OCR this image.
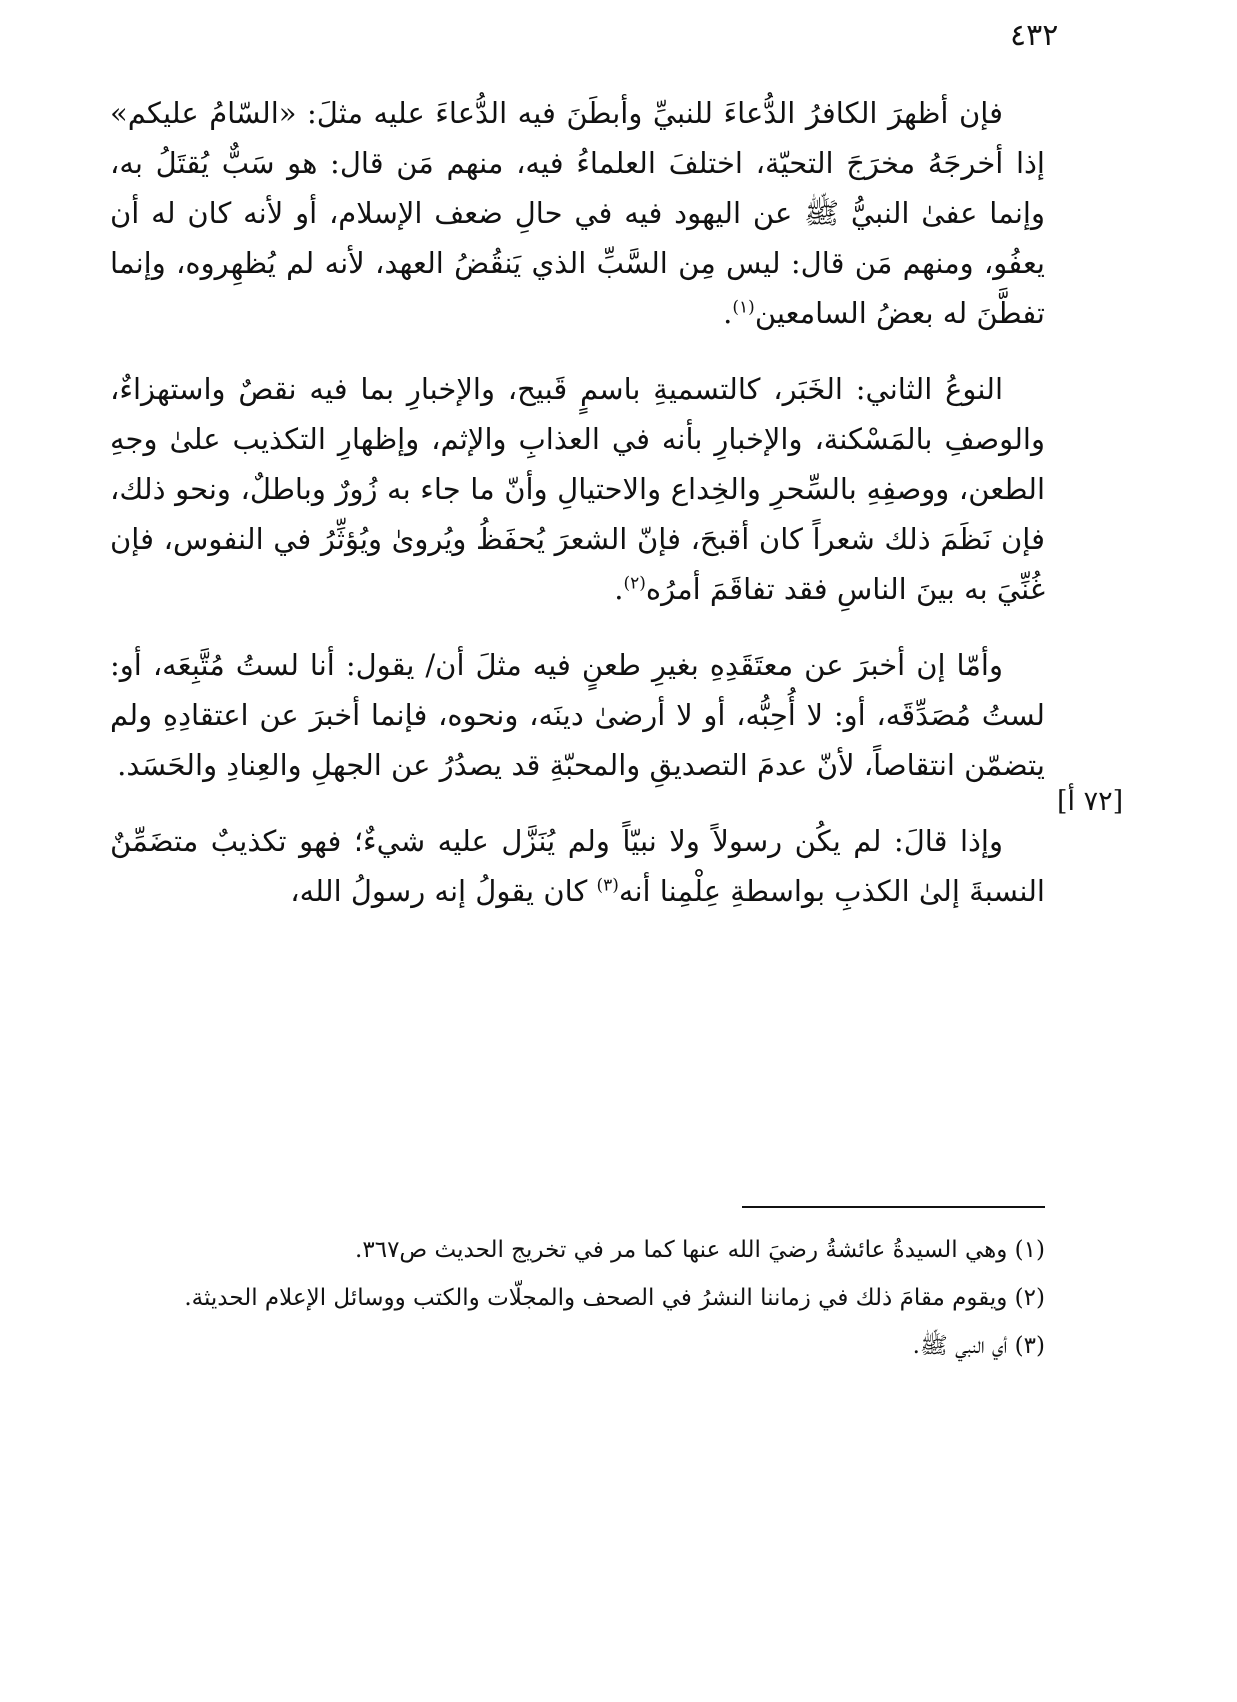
٤٣٢
[٧٢ أ]

فإن أظهرَ الكافرُ الدُّعاءَ للنبيِّ وأبطَنَ فيه الدُّعاءَ عليه مثلَ: «السّامُ عليكم» إذا أخرجَهُ مخرَجَ التحيّة، اختلفَ العلماءُ فيه، منهم مَن قال: هو سَبٌّ يُقتَلُ به، وإنما عفىٰ النبيُّ ﷺ عن اليهود فيه في حالِ ضعف الإسلام، أو لأنه كان له أن يعفُو، ومنهم مَن قال: ليس مِن السَّبِّ الذي يَنقُضُ العهد، لأنه لم يُظهِروه، وإنما تفطَّنَ له بعضُ السامعين$^{(١)}$.

النوعُ الثاني: الخَبَر، كالتسميةِ باسمٍ قَبيح، والإخبارِ بما فيه نقصٌ واستهزاءٌ، والوصفِ بالمَسْكنة، والإخبارِ بأنه في العذابِ والإثم، وإظهارِ التكذيب علىٰ وجهِ الطعن، ووصفِهِ بالسِّحرِ والخِداع والاحتيالِ وأنّ ما جاء به زُورٌ وباطلٌ، ونحو ذلك، فإن نَظَمَ ذلك شعراً كان أقبحَ، فإنّ الشعرَ يُحفَظُ ويُروىٰ ويُؤثِّرُ في النفوس، فإن غُنِّيَ به بينَ الناسِ فقد تفاقَمَ أمرُه$^{(٢)}$.

وأمّا إن أخبرَ عن معتَقَدِهِ بغيرِ طعنٍ فيه مثلَ أن/ يقول: أنا لستُ مُتَّبِعَه، أو: لستُ مُصَدِّقَه، أو: لا أُحِبُّه، أو لا أرضىٰ دينَه، ونحوه، فإنما أخبرَ عن اعتقادِهِ ولم يتضمّن انتقاصاً، لأنّ عدمَ التصديقِ والمحبّةِ قد يصدُرُ عن الجهلِ والعِنادِ والحَسَد.

وإذا قالَ: لم يكُن رسولاً ولا نبيّاً ولم يُنَزَّل عليه شيءٌ؛ فهو تكذيبٌ متضَمِّنٌ النسبةَ إلىٰ الكذبِ بواسطةِ عِلْمِنا أنه$^{(٣)}$ كان يقولُ إنه رسولُ الله،

(١) وهي السيدةُ عائشةُ رضيَ الله عنها كما مر في تخريج الحديث ص٣٦٧.

(٢) ويقوم مقامَ ذلك في زماننا النشرُ في الصحف والمجلّات والكتب ووسائل الإعلام الحديثة.

(٣) أي النبي ﷺ.
